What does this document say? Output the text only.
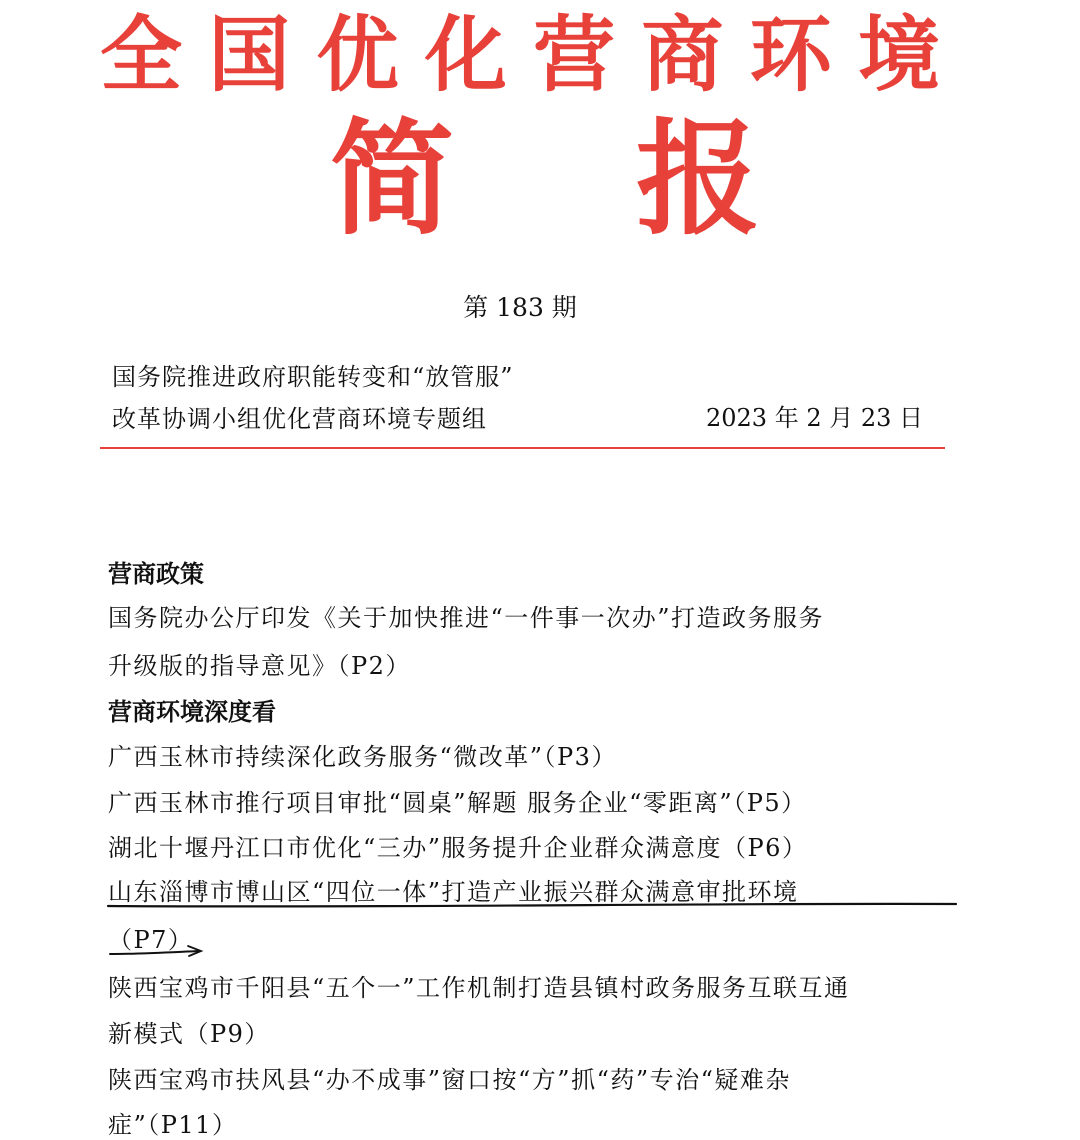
全 国 优 化 营 商 环 境
简 报
第 183 期
国务院推进政府职能转变和“放管服”
改革协调小组优化营商环境专题组	2023 年 2 月 23 日
营商政策
国务院办公厅印发《关于加快推进“一件事一次办”打造政务服务
升级版的指导意见》（P2）
营商环境深度看
广西玉林市持续深化政务服务“微改革”（P3）
广西玉林市推行项目审批“圆桌”解题 服务企业“零距离”（P5）
湖北十堰丹江口市优化“三办”服务提升企业群众满意度（P6）
山东淄博市博山区“四位一体”打造产业振兴群众满意审批环境
（P7）
陕西宝鸡市千阳县“五个一”工作机制打造县镇村政务服务互联互通
新模式（P9）
陕西宝鸡市扶风县“办不成事”窗口按“方”抓“药”专治“疑难杂
症”（P11）
